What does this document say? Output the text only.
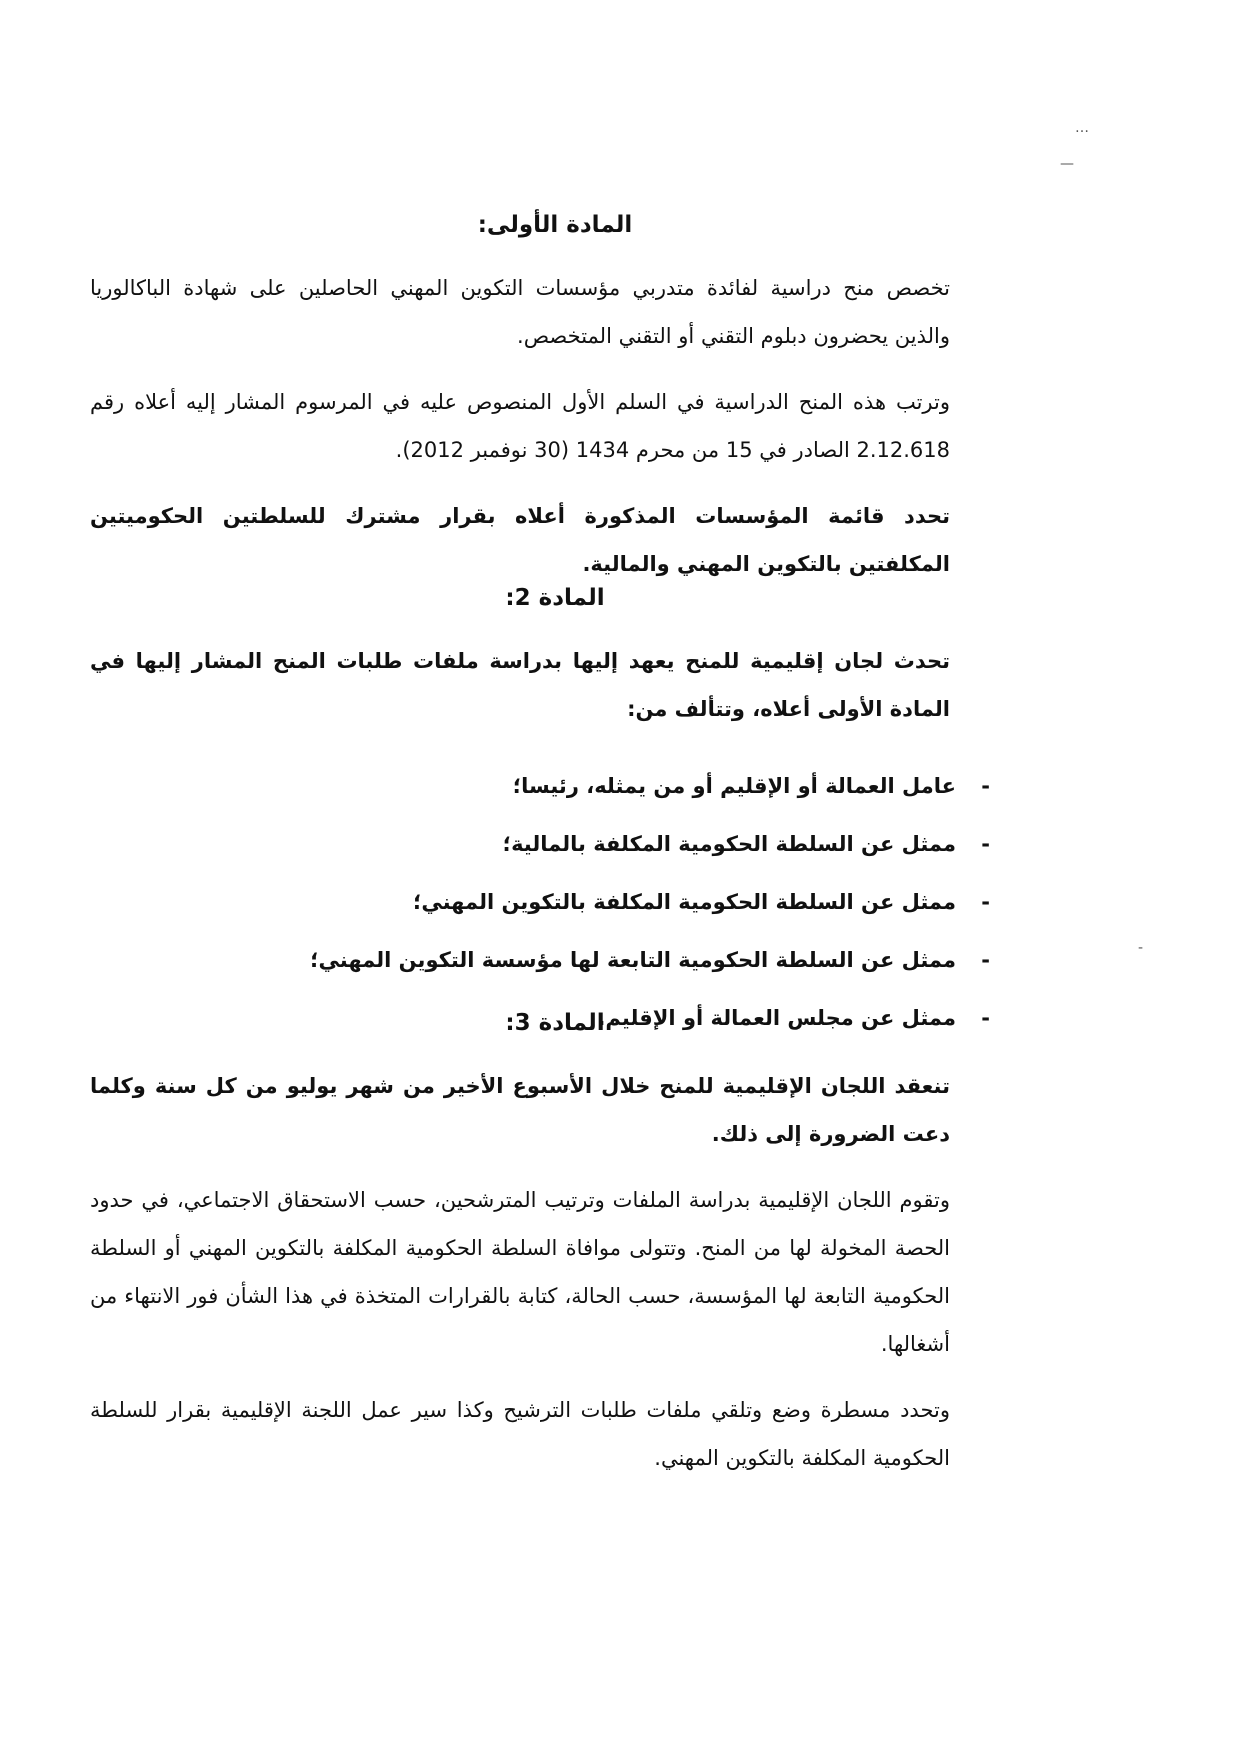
…
—
-
المادة الأولى:

تخصص منح دراسية لفائدة متدربي مؤسسات التكوين المهني الحاصلين على شهادة الباكالوريا والذين يحضرون دبلوم التقني أو التقني المتخصص.

وترتب هذه المنح الدراسية في السلم الأول المنصوص عليه في المرسوم المشار إليه أعلاه رقم 2.12.618 الصادر في 15 من محرم 1434 (30 نوفمبر 2012).

تحدد قائمة المؤسسات المذكورة أعلاه بقرار مشترك للسلطتين الحكوميتين المكلفتين بالتكوين المهني والمالية.

المادة 2:

تحدث لجان إقليمية للمنح يعهد إليها بدراسة ملفات طلبات المنح المشار إليها في المادة الأولى أعلاه، وتتألف من:

-
عامل العمالة أو الإقليم أو من يمثله، رئيسا؛
-
ممثل عن السلطة الحكومية المكلفة بالمالية؛
-
ممثل عن السلطة الحكومية المكلفة بالتكوين المهني؛
-
ممثل عن السلطة الحكومية التابعة لها مؤسسة التكوين المهني؛
-
ممثل عن مجلس العمالة أو الإقليم.
المادة 3:

تنعقد اللجان الإقليمية للمنح خلال الأسبوع الأخير من شهر يوليو من كل سنة وكلما دعت الضرورة إلى ذلك.

وتقوم اللجان الإقليمية بدراسة الملفات وترتيب المترشحين، حسب الاستحقاق الاجتماعي، في حدود الحصة المخولة لها من المنح. وتتولى موافاة السلطة الحكومية المكلفة بالتكوين المهني أو السلطة الحكومية التابعة لها المؤسسة، حسب الحالة، كتابة بالقرارات المتخذة في هذا الشأن فور الانتهاء من أشغالها.

وتحدد مسطرة وضع وتلقي ملفات طلبات الترشيح وكذا سير عمل اللجنة الإقليمية بقرار للسلطة الحكومية المكلفة بالتكوين المهني.
